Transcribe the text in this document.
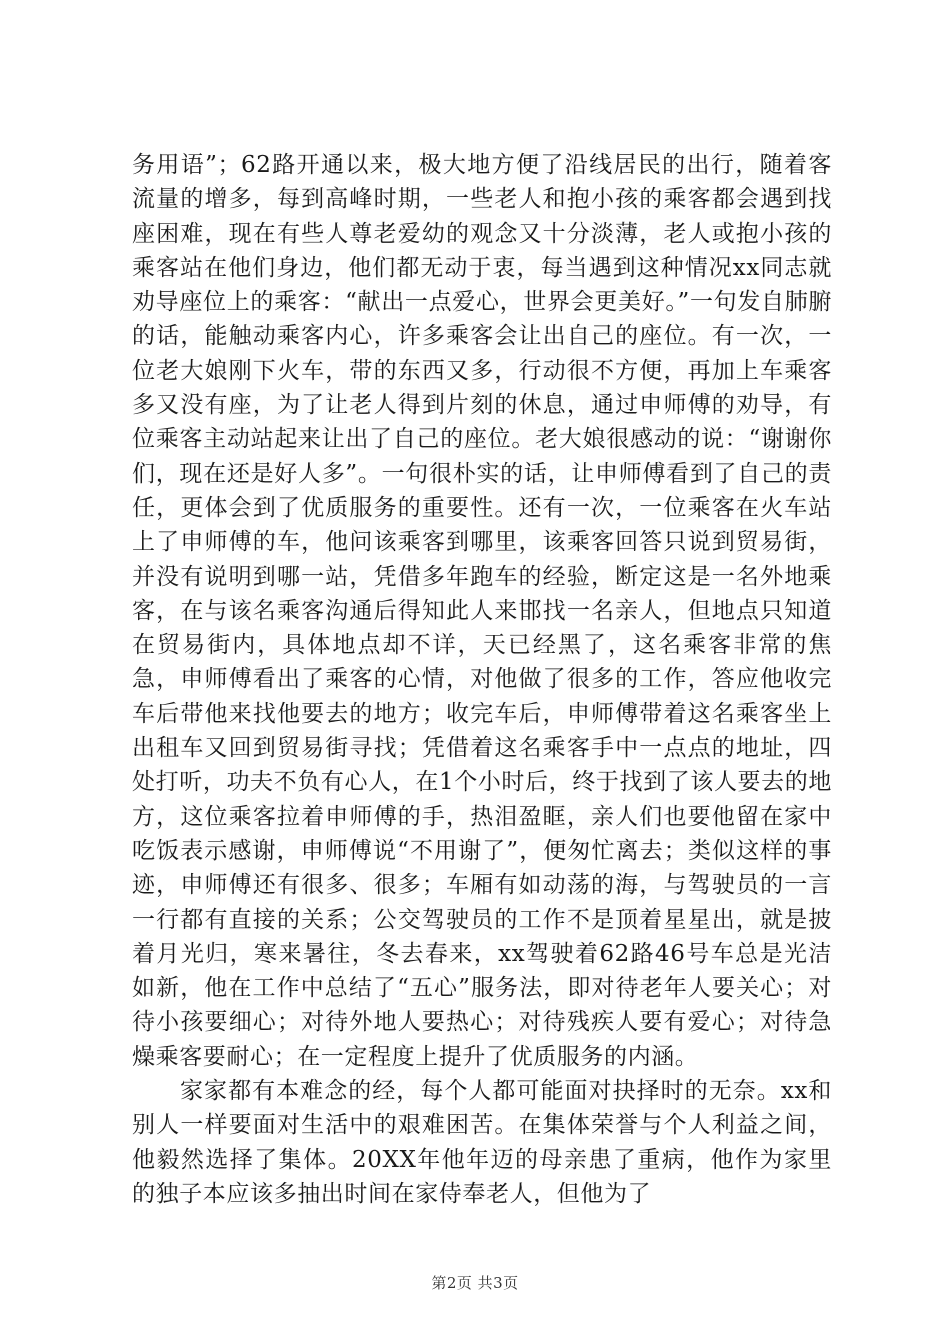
务用语”；62路开通以来，极大地方便了沿线居民的出行，随着客流量的增多，每到高峰时期，一些老人和抱小孩的乘客都会遇到找座困难，现在有些人尊老爱幼的观念又十分淡薄，老人或抱小孩的乘客站在他们身边，他们都无动于衷，每当遇到这种情况xx同志就劝导座位上的乘客：“献出一点爱心，世界会更美好。”一句发自肺腑的话，能触动乘客内心，许多乘客会让出自己的座位。有一次，一位老大娘刚下火车，带的东西又多，行动很不方便，再加上车乘客多又没有座，为了让老人得到片刻的休息，通过申师傅的劝导，有位乘客主动站起来让出了自己的座位。老大娘很感动的说：“谢谢你们，现在还是好人多”。一句很朴实的话，让申师傅看到了自己的责任，更体会到了优质服务的重要性。还有一次，一位乘客在火车站上了申师傅的车，他问该乘客到哪里，该乘客回答只说到贸易街，并没有说明到哪一站，凭借多年跑车的经验，断定这是一名外地乘客，在与该名乘客沟通后得知此人来邯找一名亲人，但地点只知道在贸易街内，具体地点却不详，天已经黑了，这名乘客非常的焦急，申师傅看出了乘客的心情，对他做了很多的工作，答应他收完车后带他来找他要去的地方；收完车后，申师傅带着这名乘客坐上出租车又回到贸易街寻找；凭借着这名乘客手中一点点的地址，四处打听，功夫不负有心人，在1个小时后，终于找到了该人要去的地方，这位乘客拉着申师傅的手，热泪盈眶，亲人们也要他留在家中吃饭表示感谢，申师傅说“不用谢了”，便匆忙离去；类似这样的事迹，申师傅还有很多、很多；车厢有如动荡的海，与驾驶员的一言一行都有直接的关系；公交驾驶员的工作不是顶着星星出，就是披着月光归，寒来暑往，冬去春来，xx驾驶着62路46号车总是光洁如新，他在工作中总结了“五心”服务法，即对待老年人要关心；对待小孩要细心；对待外地人要热心；对待残疾人要有爱心；对待急燥乘客要耐心；在一定程度上提升了优质服务的内涵。

家家都有本难念的经，每个人都可能面对抉择时的无奈。xx和别人一样要面对生活中的艰难困苦。在集体荣誉与个人利益之间，他毅然选择了集体。20XX年他年迈的母亲患了重病，他作为家里的独子本应该多抽出时间在家侍奉老人，但他为了

第2页 共3页
